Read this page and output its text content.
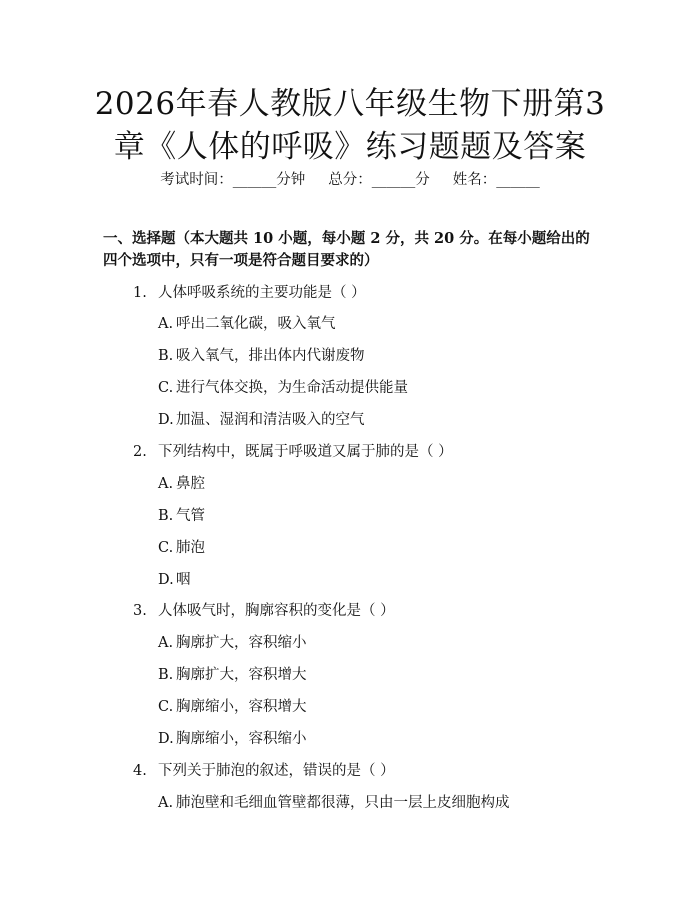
2026年春人教版八年级生物下册第3章《人体的呼吸》练习题题及答案
考试时间：______分钟     总分：______分     姓名：______

一、选择题（本大题共 10 小题，每小题 2 分，共 20 分。在每小题给出的四个选项中，只有一项是符合题目要求的）

1. 人体呼吸系统的主要功能是（ ）
A. 呼出二氧化碳，吸入氧气
B. 吸入氧气，排出体内代谢废物
C. 进行气体交换，为生命活动提供能量
D. 加温、湿润和清洁吸入的空气
2. 下列结构中，既属于呼吸道又属于肺的是（ ）
A. 鼻腔
B. 气管
C. 肺泡
D. 咽
3. 人体吸气时，胸廓容积的变化是（ ）
A. 胸廓扩大，容积缩小
B. 胸廓扩大，容积增大
C. 胸廓缩小，容积增大
D. 胸廓缩小，容积缩小
4. 下列关于肺泡的叙述，错误的是（ ）
A. 肺泡壁和毛细血管壁都很薄，只由一层上皮细胞构成
